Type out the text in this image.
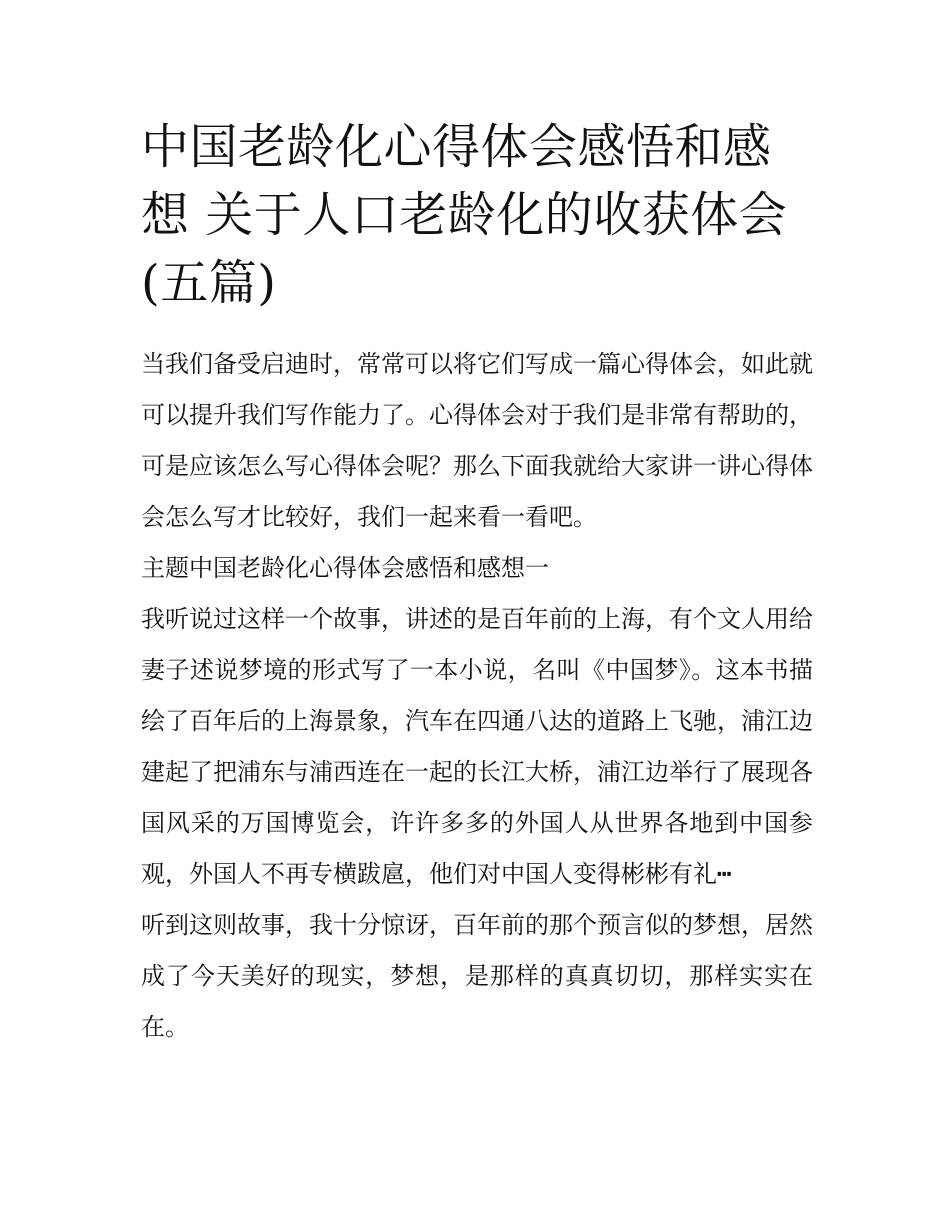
中国老龄化心得体会感悟和感想 关于人口老龄化的收获体会(五篇)

当我们备受启迪时，常常可以将它们写成一篇心得体会，如此就可以提升我们写作能力了。心得体会对于我们是非常有帮助的，可是应该怎么写心得体会呢？那么下面我就给大家讲一讲心得体会怎么写才比较好，我们一起来看一看吧。

主题中国老龄化心得体会感悟和感想一

我听说过这样一个故事，讲述的是百年前的上海，有个文人用给妻子述说梦境的形式写了一本小说，名叫《中国梦》。这本书描绘了百年后的上海景象，汽车在四通八达的道路上飞驰，浦江边建起了把浦东与浦西连在一起的长江大桥，浦江边举行了展现各国风采的万国博览会，许许多多的外国人从世界各地到中国参观，外国人不再专横跋扈，他们对中国人变得彬彬有礼┅

听到这则故事，我十分惊讶，百年前的那个预言似的梦想，居然成了今天美好的现实，梦想，是那样的真真切切，那样实实在在。
